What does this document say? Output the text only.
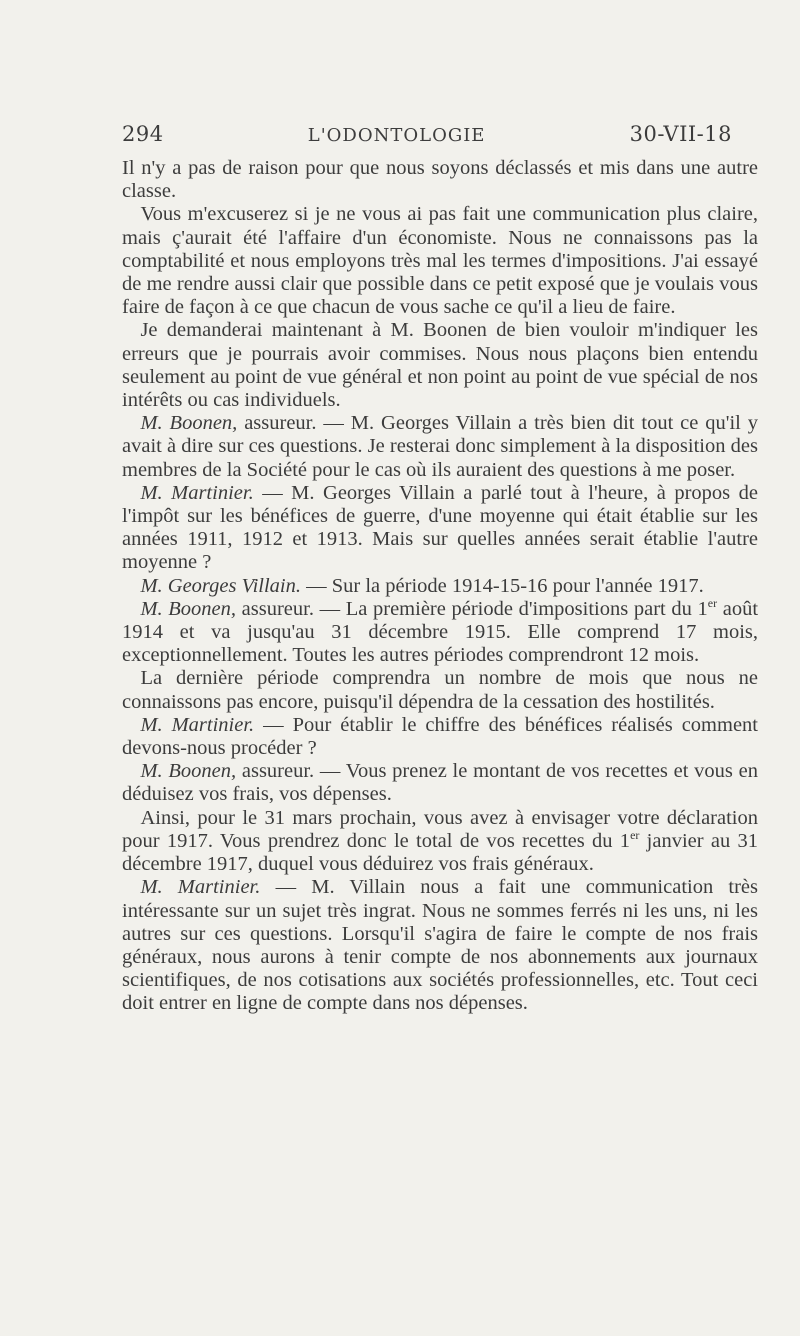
294	L'ODONTOLOGIE	30-VII-18

Il n'y a pas de raison pour que nous soyons déclassés et mis dans une autre classe.

Vous m'excuserez si je ne vous ai pas fait une communication plus claire, mais ç'aurait été l'affaire d'un économiste. Nous ne connaissons pas la comptabilité et nous employons très mal les termes d'impositions. J'ai essayé de me rendre aussi clair que possible dans ce petit exposé que je voulais vous faire de façon à ce que chacun de vous sache ce qu'il a lieu de faire.

Je demanderai maintenant à M. Boonen de bien vouloir m'indiquer les erreurs que je pourrais avoir commises. Nous nous plaçons bien entendu seulement au point de vue général et non point au point de vue spécial de nos intérêts ou cas individuels.

M. Boonen, assureur. — M. Georges Villain a très bien dit tout ce qu'il y avait à dire sur ces questions. Je resterai donc simplement à la disposition des membres de la Société pour le cas où ils auraient des questions à me poser.

M. Martinier. — M. Georges Villain a parlé tout à l'heure, à propos de l'impôt sur les bénéfices de guerre, d'une moyenne qui était établie sur les années 1911, 1912 et 1913. Mais sur quelles années serait établie l'autre moyenne ?

M. Georges Villain. — Sur la période 1914-15-16 pour l'année 1917.

M. Boonen, assureur. — La première période d'impositions part du 1er août 1914 et va jusqu'au 31 décembre 1915. Elle comprend 17 mois, exceptionnellement. Toutes les autres périodes comprendront 12 mois.

La dernière période comprendra un nombre de mois que nous ne connaissons pas encore, puisqu'il dépendra de la cessation des hostilités.

M. Martinier. — Pour établir le chiffre des bénéfices réalisés comment devons-nous procéder ?

M. Boonen, assureur. — Vous prenez le montant de vos recettes et vous en déduisez vos frais, vos dépenses.

Ainsi, pour le 31 mars prochain, vous avez à envisager votre déclaration pour 1917. Vous prendrez donc le total de vos recettes du 1er janvier au 31 décembre 1917, duquel vous déduirez vos frais généraux.

M. Martinier. — M. Villain nous a fait une communication très intéressante sur un sujet très ingrat. Nous ne sommes ferrés ni les uns, ni les autres sur ces questions. Lorsqu'il s'agira de faire le compte de nos frais généraux, nous aurons à tenir compte de nos abonnements aux journaux scientifiques, de nos cotisations aux sociétés professionnelles, etc. Tout ceci doit entrer en ligne de compte dans nos dépenses.
